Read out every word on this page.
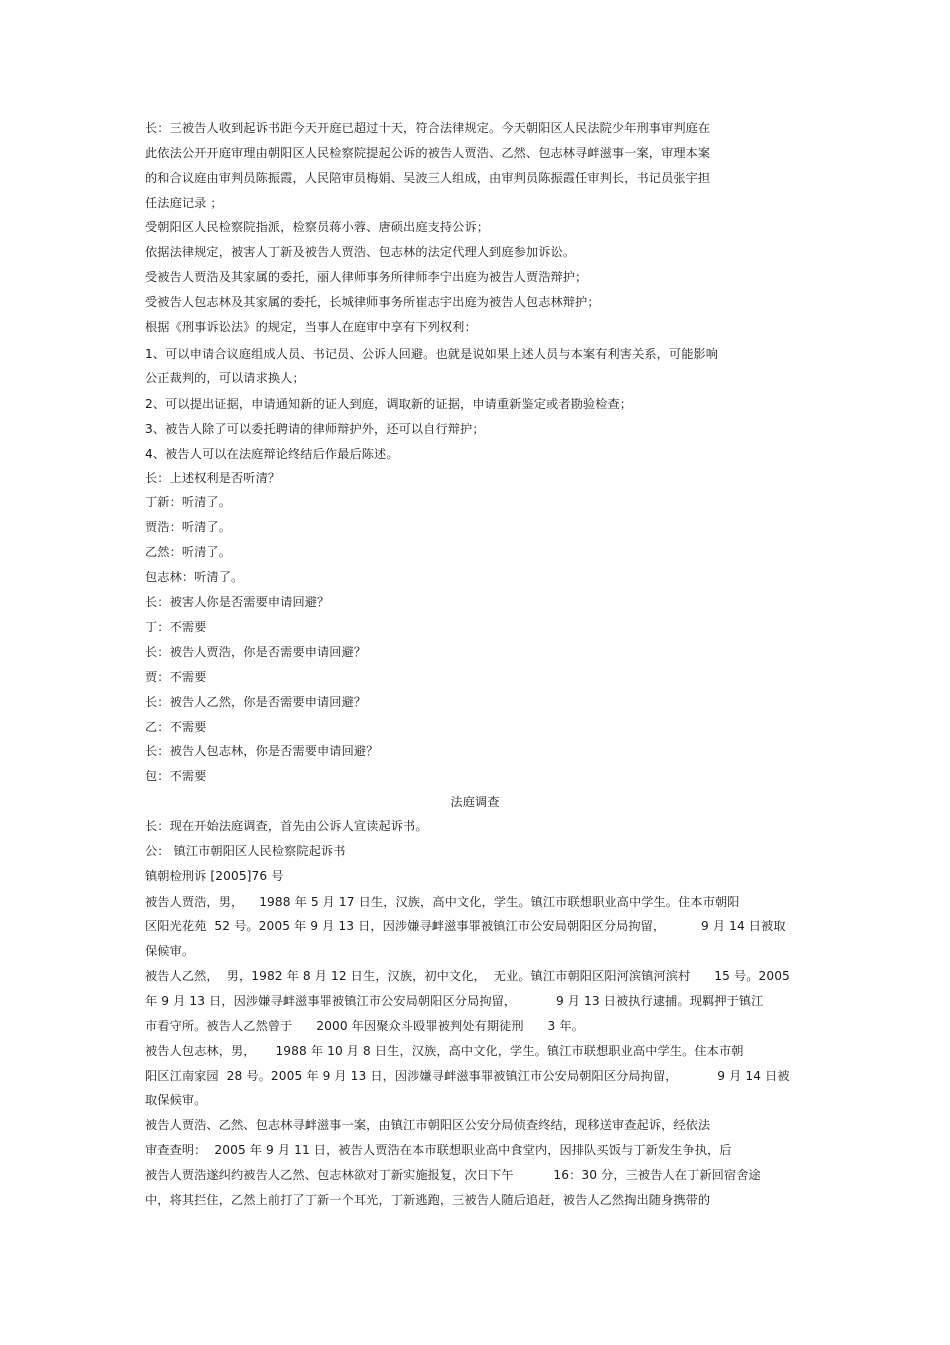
长：三被告人收到起诉书距今天开庭已超过十天，符合法律规定。今天朝阳区人民法院少年刑事审判庭在
此依法公开开庭审理由朝阳区人民检察院提起公诉的被告人贾浩、乙然、包志林寻衅滋事一案，审理本案
的和合议庭由审判员陈振霞，人民陪审员梅娟、吴波三人组成，由审判员陈振霞任审判长，书记员张宇担
任法庭记录 ；
受朝阳区人民检察院指派，检察员蒋小蓉、唐硕出庭支持公诉；
依据法律规定，被害人丁新及被告人贾浩、包志林的法定代理人到庭参加诉讼。
受被告人贾浩及其家属的委托，丽人律师事务所律师李宁出庭为被告人贾浩辩护；
受被告人包志林及其家属的委托，长城律师事务所崔志宇出庭为被告人包志林辩护；
根据《刑事诉讼法》的规定，当事人在庭审中享有下列权利：
1、可以申请合议庭组成人员、书记员、公诉人回避。也就是说如果上述人员与本案有利害关系，可能影响
公正裁判的，可以请求换人；
2、可以提出证据，申请通知新的证人到庭，调取新的证据，申请重新鉴定或者勘验检查；
3、被告人除了可以委托聘请的律师辩护外，还可以自行辩护；
4、被告人可以在法庭辩论终结后作最后陈述。
长：上述权利是否听清？
丁新：听清了。
贾浩：听清了。
乙然：听清了。
包志林：听清了。
长：被害人你是否需要申请回避？
丁：不需要
长：被告人贾浩，你是否需要申请回避？
贾：不需要
长：被告人乙然，你是否需要申请回避？
乙：不需要
长：被告人包志林，你是否需要申请回避？
包：不需要
法庭调查
长：现在开始法庭调查，首先由公诉人宣读起诉书。
公： 镇江市朝阳区人民检察院起诉书
镇朝检刑诉 [2005]76 号
被告人贾浩，男，    1988 年 5 月 17 日生，汉族，高中文化，学生。镇江市联想职业高中学生。住本市朝阳
区阳光花苑  52 号。2005 年 9 月 13 日，因涉嫌寻衅滋事罪被镇江市公安局朝阳区分局拘留，         9 月 14 日被取
保候审。
被告人乙然，  男，1982 年 8 月 12 日生，汉族，初中文化，  无业。镇江市朝阳区阳河滨镇河滨村      15 号。2005
年 9 月 13 日，因涉嫌寻衅滋事罪被镇江市公安局朝阳区分局拘留，          9 月 13 日被执行逮捕。现羁押于镇江
市看守所。被告人乙然曾于      2000 年因聚众斗殴罪被判处有期徒刑      3 年。
被告人包志林，男，     1988 年 10 月 8 日生，汉族，高中文化，学生。镇江市联想职业高中学生。住本市朝
阳区江南家园  28 号。2005 年 9 月 13 日，因涉嫌寻衅滋事罪被镇江市公安局朝阳区分局拘留，          9 月 14 日被
取保候审。
被告人贾浩、乙然、包志林寻衅滋事一案，由镇江市朝阳区公安分局侦查终结，现移送审查起诉，经依法
审查查明：  2005 年 9 月 11 日，被告人贾浩在本市联想职业高中食堂内，因排队买饭与丁新发生争执，后
被告人贾浩遂纠约被告人乙然、包志林欲对丁新实施报复，次日下午          16：30 分，三被告人在丁新回宿舍途
中，将其拦住，乙然上前打了丁新一个耳光，丁新逃跑，三被告人随后追赶，被告人乙然掏出随身携带的
